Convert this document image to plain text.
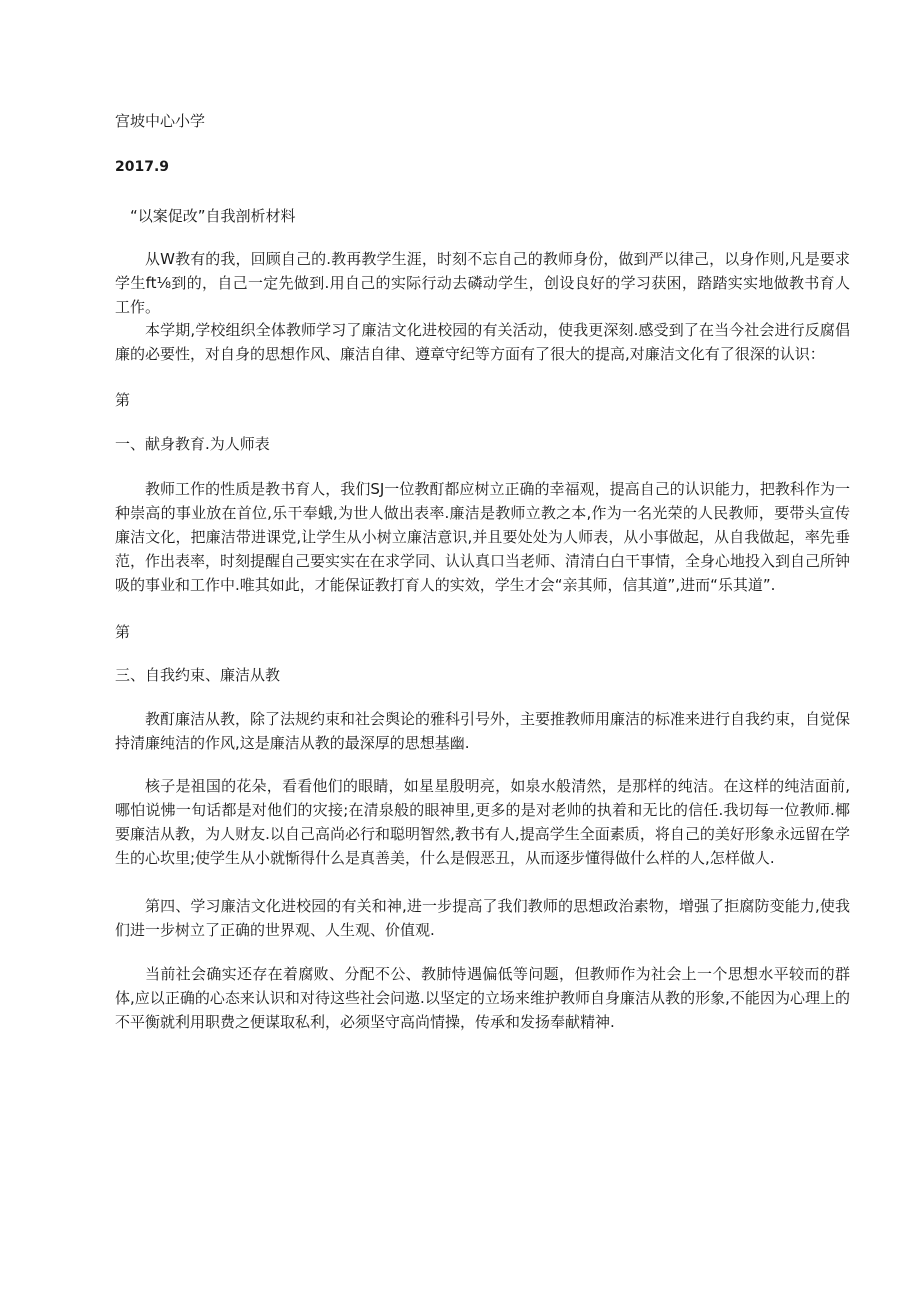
宫坡中心小学
2017.9
“以案促改”自我剖析材料

从W教有的我，回顾自己的.教再教学生涯，时刻不忘自己的教师身份，做到严以律己，以身作则,凡是要求学生ft⅛到的，自己一定先做到.用自己的实际行动去磷动学生，创设良好的学习获困，踏踏实实地做教书育人工作。

本学期,学校组织全体教师学习了廉洁文化进校园的有关活动，使我更深刻.感受到了在当今社会进行反腐倡廉的必要性，对自身的思想作风、廉洁自律、遵章守纪等方面有了很大的提高,对廉洁文化有了很深的认识：

第
一、献身教育.为人师表

教师工作的性质是教书育人，我们SJ一位教酊都应树立正确的幸福观，提高自己的认识能力，把教科作为一种崇高的事业放在首位,乐干奉蛾,为世人做出表率.廉洁是教师立教之本,作为一名光荣的人民教师，要带头宣传廉洁文化，把廉洁带进课党,让学生从小树立廉洁意识,并且要处处为人师表，从小事做起，从自我做起，率先垂范，作出表率，时刻提醒自己要实实在在求学同、认认真口当老师、清清白白干事情，全身心地投入到自己所钟吸的事业和工作中.唯其如此，才能保证教打育人的实效，学生才会“亲其师，信其道”,进而“乐其道”.

第
三、自我约束、廉洁从教

教酊廉洁从教，除了法规约束和社会舆论的雅科引号外，主要推教师用廉洁的标准来进行自我约束，自觉保持清廉纯洁的作风,这是廉洁从教的最深厚的思想基幽.

核子是祖国的花朵，看看他们的眼睛，如星星殷明亮，如泉水般清然，是那样的纯洁。在这样的纯洁面前,哪怕说怫一旬话都是对他们的灾接;在清泉般的眼神里,更多的是对老帅的执着和无比的信任.我切每一位教师.椰要廉洁从教，为人财友.以自己高尚必行和聪明智然,教书有人,提高学生全面素质，将自己的美好形象永远留在学生的心坎里;使学生从小就惭得什么是真善美，什么是假恶丑，从而逐步懂得做什么样的人,怎样做人.

第四、学习廉洁文化进校园的有关和神,进一步提高了我们教师的思想政治素物，增强了拒腐防变能力,使我们进一步树立了正确的世界观、人生观、价值观.

当前社会确实还存在着腐败、分配不公、教肺恃遇偏低等问题，但教师作为社会上一个思想水平较而的群体,应以正确的心态来认识和对待这些社会问遨.以坚定的立场来维护教师自身廉洁从教的形象,不能因为心理上的不平衡就利用职费之便谋取私利，必须坚守高尚情操，传承和发扬奉献精神.
